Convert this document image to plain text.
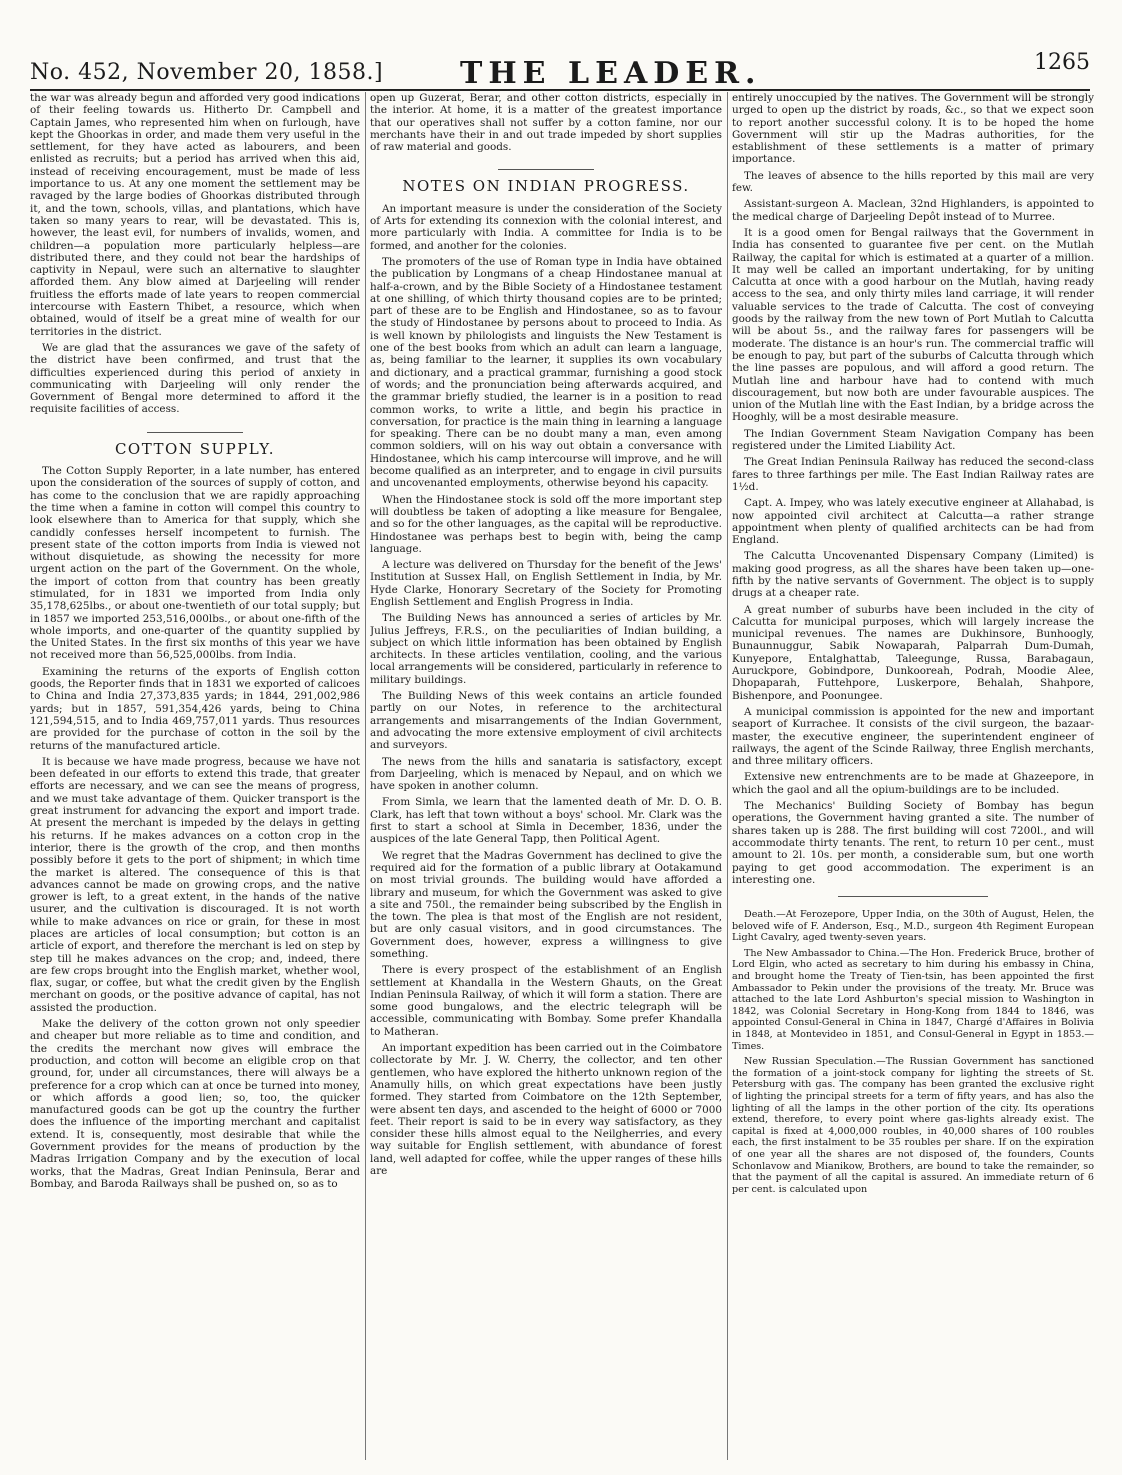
No. 452, November 20, 1858.]	THE LEADER.	1265

the war was already begun and afforded very good indications of their feeling towards us. Hitherto Dr. Campbell and Captain James, who represented him when on furlough, have kept the Ghoorkas in order, and made them very useful in the settlement, for they have acted as labourers, and been enlisted as recruits; but a period has arrived when this aid, instead of receiving encouragement, must be made of less importance to us. At any one moment the settlement may be ravaged by the large bodies of Ghoorkas distributed through it, and the town, schools, villas, and plantations, which have taken so many years to rear, will be devastated. This is, however, the least evil, for numbers of invalids, women, and children—a population more particularly helpless—are distributed there, and they could not bear the hardships of captivity in Nepaul, were such an alternative to slaughter afforded them. Any blow aimed at Darjeeling will render fruitless the efforts made of late years to reopen commercial intercourse with Eastern Thibet, a resource, which when obtained, would of itself be a great mine of wealth for our territories in the district.

We are glad that the assurances we gave of the safety of the district have been confirmed, and trust that the difficulties experienced during this period of anxiety in communicating with Darjeeling will only render the Government of Bengal more determined to afford it the requisite facilities of access.

COTTON SUPPLY.

The Cotton Supply Reporter, in a late number, has entered upon the consideration of the sources of supply of cotton, and has come to the conclusion that we are rapidly approaching the time when a famine in cotton will compel this country to look elsewhere than to America for that supply, which she candidly confesses herself incompetent to furnish. The present state of the cotton imports from India is viewed not without disquietude, as showing the necessity for more urgent action on the part of the Government. On the whole, the import of cotton from that country has been greatly stimulated, for in 1831 we imported from India only 35,178,625lbs., or about one-twentieth of our total supply; but in 1857 we imported 253,516,000lbs., or about one-fifth of the whole imports, and one-quarter of the quantity supplied by the United States. In the first six months of this year we have not received more than 56,525,000lbs. from India.

Examining the returns of the exports of English cotton goods, the Reporter finds that in 1831 we exported of calicoes to China and India 27,373,835 yards; in 1844, 291,002,986 yards; but in 1857, 591,354,426 yards, being to China 121,594,515, and to India 469,757,011 yards. Thus resources are provided for the purchase of cotton in the soil by the returns of the manufactured article.

It is because we have made progress, because we have not been defeated in our efforts to extend this trade, that greater efforts are necessary, and we can see the means of progress, and we must take advantage of them. Quicker transport is the great instrument for advancing the export and import trade. At present the merchant is impeded by the delays in getting his returns. If he makes advances on a cotton crop in the interior, there is the growth of the crop, and then months possibly before it gets to the port of shipment; in which time the market is altered. The consequence of this is that advances cannot be made on growing crops, and the native grower is left, to a great extent, in the hands of the native usurer, and the cultivation is discouraged. It is not worth while to make advances on rice or grain, for these in most places are articles of local consumption; but cotton is an article of export, and therefore the merchant is led on step by step till he makes advances on the crop; and, indeed, there are few crops brought into the English market, whether wool, flax, sugar, or coffee, but what the credit given by the English merchant on goods, or the positive advance of capital, has not assisted the production.

Make the delivery of the cotton grown not only speedier and cheaper but more reliable as to time and condition, and the credits the merchant now gives will embrace the production, and cotton will become an eligible crop on that ground, for, under all circumstances, there will always be a preference for a crop which can at once be turned into money, or which affords a good lien; so, too, the quicker manufactured goods can be got up the country the further does the influence of the importing merchant and capitalist extend. It is, consequently, most desirable that while the Government provides for the means of production by the Madras Irrigation Company and by the execution of local works, that the Madras, Great Indian Peninsula, Berar and Bombay, and Baroda Railways shall be pushed on, so as to

open up Guzerat, Berar, and other cotton districts, especially in the interior. At home, it is a matter of the greatest importance that our operatives shall not suffer by a cotton famine, nor our merchants have their in and out trade impeded by short supplies of raw material and goods.

NOTES ON INDIAN PROGRESS.

An important measure is under the consideration of the Society of Arts for extending its connexion with the colonial interest, and more particularly with India. A committee for India is to be formed, and another for the colonies.

The promoters of the use of Roman type in India have obtained the publication by Longmans of a cheap Hindostanee manual at half-a-crown, and by the Bible Society of a Hindostanee testament at one shilling, of which thirty thousand copies are to be printed; part of these are to be English and Hindostanee, so as to favour the study of Hindostanee by persons about to proceed to India. As is well known by philologists and linguists the New Testament is one of the best books from which an adult can learn a language, as, being familiar to the learner, it supplies its own vocabulary and dictionary, and a practical grammar, furnishing a good stock of words; and the pronunciation being afterwards acquired, and the grammar briefly studied, the learner is in a position to read common works, to write a little, and begin his practice in conversation, for practice is the main thing in learning a language for speaking. There can be no doubt many a man, even among common soldiers, will on his way out obtain a conversance with Hindostanee, which his camp intercourse will improve, and he will become qualified as an interpreter, and to engage in civil pursuits and uncovenanted employments, otherwise beyond his capacity.

When the Hindostanee stock is sold off the more important step will doubtless be taken of adopting a like measure for Bengalee, and so for the other languages, as the capital will be reproductive. Hindostanee was perhaps best to begin with, being the camp language.

A lecture was delivered on Thursday for the benefit of the Jews' Institution at Sussex Hall, on English Settlement in India, by Mr. Hyde Clarke, Honorary Secretary of the Society for Promoting English Settlement and English Progress in India.

The Building News has announced a series of articles by Mr. Julius Jeffreys, F.R.S., on the peculiarities of Indian building, a subject on which little information has been obtained by English architects. In these articles ventilation, cooling, and the various local arrangements will be considered, particularly in reference to military buildings.

The Building News of this week contains an article founded partly on our Notes, in reference to the architectural arrangements and misarrangements of the Indian Government, and advocating the more extensive employment of civil architects and surveyors.

The news from the hills and sanataria is satisfactory, except from Darjeeling, which is menaced by Nepaul, and on which we have spoken in another column.

From Simla, we learn that the lamented death of Mr. D. O. B. Clark, has left that town without a boys' school. Mr. Clark was the first to start a school at Simla in December, 1836, under the auspices of the late General Tapp, then Political Agent.

We regret that the Madras Government has declined to give the required aid for the formation of a public library at Ootakamund on most trivial grounds. The building would have afforded a library and museum, for which the Government was asked to give a site and 750l., the remainder being subscribed by the English in the town. The plea is that most of the English are not resident, but are only casual visitors, and in good circumstances. The Government does, however, express a willingness to give something.

There is every prospect of the establishment of an English settlement at Khandalla in the Western Ghauts, on the Great Indian Peninsula Railway, of which it will form a station. There are some good bungalows, and the electric telegraph will be accessible, communicating with Bombay. Some prefer Khandalla to Matheran.

An important expedition has been carried out in the Coimbatore collectorate by Mr. J. W. Cherry, the collector, and ten other gentlemen, who have explored the hitherto unknown region of the Anamully hills, on which great expectations have been justly formed. They started from Coimbatore on the 12th September, were absent ten days, and ascended to the height of 6000 or 7000 feet. Their report is said to be in every way satisfactory, as they consider these hills almost equal to the Neilgherries, and every way suitable for English settlement, with abundance of forest land, well adapted for coffee, while the upper ranges of these hills are

entirely unoccupied by the natives. The Government will be strongly urged to open up the district by roads, &c., so that we expect soon to report another successful colony. It is to be hoped the home Government will stir up the Madras authorities, for the establishment of these settlements is a matter of primary importance.

The leaves of absence to the hills reported by this mail are very few.

Assistant-surgeon A. Maclean, 32nd Highlanders, is appointed to the medical charge of Darjeeling Depôt instead of to Murree.

It is a good omen for Bengal railways that the Government in India has consented to guarantee five per cent. on the Mutlah Railway, the capital for which is estimated at a quarter of a million. It may well be called an important undertaking, for by uniting Calcutta at once with a good harbour on the Mutlah, having ready access to the sea, and only thirty miles land carriage, it will render valuable services to the trade of Calcutta. The cost of conveying goods by the railway from the new town of Port Mutlah to Calcutta will be about 5s., and the railway fares for passengers will be moderate. The distance is an hour's run. The commercial traffic will be enough to pay, but part of the suburbs of Calcutta through which the line passes are populous, and will afford a good return. The Mutlah line and harbour have had to contend with much discouragement, but now both are under favourable auspices. The union of the Mutlah line with the East Indian, by a bridge across the Hooghly, will be a most desirable measure.

The Indian Government Steam Navigation Company has been registered under the Limited Liability Act.

The Great Indian Peninsula Railway has reduced the second-class fares to three farthings per mile. The East Indian Railway rates are 1½d.

Capt. A. Impey, who was lately executive engineer at Allahabad, is now appointed civil architect at Calcutta—a rather strange appointment when plenty of qualified architects can be had from England.

The Calcutta Uncovenanted Dispensary Company (Limited) is making good progress, as all the shares have been taken up—one-fifth by the native servants of Government. The object is to supply drugs at a cheaper rate.

A great number of suburbs have been included in the city of Calcutta for municipal purposes, which will largely increase the municipal revenues. The names are Dukhinsore, Bunhoogly, Bunaunnuggur, Sabik Nowaparah, Palparrah Dum-Dumah, Kunyepore, Entalghattab, Taleegunge, Russa, Barabagaun, Auruckpore, Gobindpore, Dunkooreah, Podrah, Moodie Alee, Dhopaparah, Futtehpore, Luskerpore, Behalah, Shahpore, Bishenpore, and Poonungee.

A municipal commission is appointed for the new and important seaport of Kurrachee. It consists of the civil surgeon, the bazaar-master, the executive engineer, the superintendent engineer of railways, the agent of the Scinde Railway, three English merchants, and three military officers.

Extensive new entrenchments are to be made at Ghazeepore, in which the gaol and all the opium-buildings are to be included.

The Mechanics' Building Society of Bombay has begun operations, the Government having granted a site. The number of shares taken up is 288. The first building will cost 7200l., and will accommodate thirty tenants. The rent, to return 10 per cent., must amount to 2l. 10s. per month, a considerable sum, but one worth paying to get good accommodation. The experiment is an interesting one.

Death.—At Ferozepore, Upper India, on the 30th of August, Helen, the beloved wife of F. Anderson, Esq., M.D., surgeon 4th Regiment European Light Cavalry, aged twenty-seven years.

The New Ambassador to China.—The Hon. Frederick Bruce, brother of Lord Elgin, who acted as secretary to him during his embassy in China, and brought home the Treaty of Tien-tsin, has been appointed the first Ambassador to Pekin under the provisions of the treaty. Mr. Bruce was attached to the late Lord Ashburton's special mission to Washington in 1842, was Colonial Secretary in Hong-Kong from 1844 to 1846, was appointed Consul-General in China in 1847, Chargé d'Affaires in Bolivia in 1848, at Montevideo in 1851, and Consul-General in Egypt in 1853.—Times.

New Russian Speculation.—The Russian Government has sanctioned the formation of a joint-stock company for lighting the streets of St. Petersburg with gas. The company has been granted the exclusive right of lighting the principal streets for a term of fifty years, and has also the lighting of all the lamps in the other portion of the city. Its operations extend, therefore, to every point where gas-lights already exist. The capital is fixed at 4,000,000 roubles, in 40,000 shares of 100 roubles each, the first instalment to be 35 roubles per share. If on the expiration of one year all the shares are not disposed of, the founders, Counts Schonlavow and Mianikow, Brothers, are bound to take the remainder, so that the payment of all the capital is assured. An immediate return of 6 per cent. is calculated upon
